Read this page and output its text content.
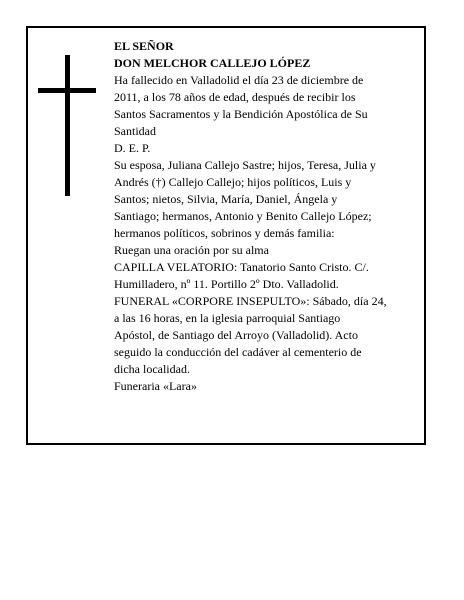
EL SEÑOR
DON MELCHOR CALLEJO LÓPEZ
Ha fallecido en Valladolid el día 23 de diciembre de
2011, a los 78 años de edad, después de recibir los
Santos Sacramentos y la Bendición Apostólica de Su
Santidad
D. E. P.
Su esposa, Juliana Callejo Sastre; hijos, Teresa, Julia y
Andrés (†) Callejo Callejo; hijos políticos, Luis y
Santos; nietos, Silvia, María, Daniel, Ángela y
Santiago; hermanos, Antonio y Benito Callejo López;
hermanos políticos, sobrinos y demás familia:
Ruegan una oración por su alma
CAPILLA VELATORIO: Tanatorio Santo Cristo. C/.
Humilladero, nº 11. Portillo 2º Dto. Valladolid.
FUNERAL «CORPORE INSEPULTO»: Sábado, día 24,
a las 16 horas, en la iglesia parroquial Santiago
Apóstol, de Santiago del Arroyo (Valladolid). Acto
seguido la conducción del cadáver al cementerio de
dicha localidad.
Funeraria «Lara»
